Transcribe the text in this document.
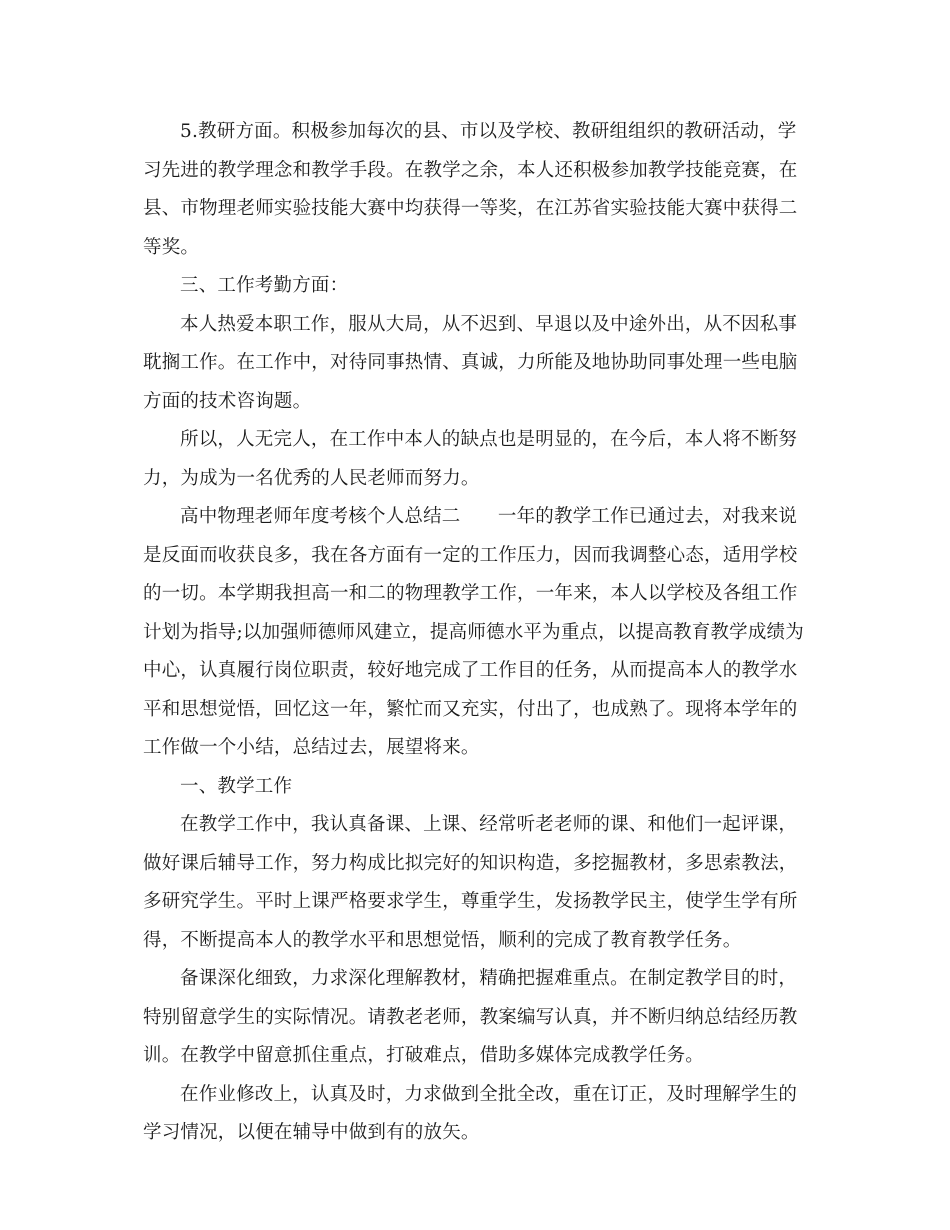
5.教研方面。积极参加每次的县、市以及学校、教研组组织的教研活动，学
习先进的教学理念和教学手段。在教学之余，本人还积极参加教学技能竞赛，在
县、市物理老师实验技能大赛中均获得一等奖，在江苏省实验技能大赛中获得二
等奖。
三、工作考勤方面：
本人热爱本职工作，服从大局，从不迟到、早退以及中途外出，从不因私事
耽搁工作。在工作中，对待同事热情、真诚，力所能及地协助同事处理一些电脑
方面的技术咨询题。
所以，人无完人，在工作中本人的缺点也是明显的，在今后，本人将不断努
力，为成为一名优秀的人民老师而努力。
高中物理老师年度考核个人总结二　　一年的教学工作已通过去，对我来说
是反面而收获良多，我在各方面有一定的工作压力，因而我调整心态，适用学校
的一切。本学期我担高一和二的物理教学工作，一年来，本人以学校及各组工作
计划为指导;以加强师德师风建立，提高师德水平为重点，以提高教育教学成绩为
中心，认真履行岗位职责，较好地完成了工作目的任务，从而提高本人的教学水
平和思想觉悟，回忆这一年，繁忙而又充实，付出了，也成熟了。现将本学年的
工作做一个小结，总结过去，展望将来。
一、教学工作
在教学工作中，我认真备课、上课、经常听老老师的课、和他们一起评课，
做好课后辅导工作，努力构成比拟完好的知识构造，多挖掘教材，多思索教法，
多研究学生。平时上课严格要求学生，尊重学生，发扬教学民主，使学生学有所
得，不断提高本人的教学水平和思想觉悟，顺利的完成了教育教学任务。
备课深化细致，力求深化理解教材，精确把握难重点。在制定教学目的时，
特别留意学生的实际情况。请教老老师，教案编写认真，并不断归纳总结经历教
训。在教学中留意抓住重点，打破难点，借助多媒体完成教学任务。
在作业修改上，认真及时，力求做到全批全改，重在订正，及时理解学生的
学习情况，以便在辅导中做到有的放矢。
